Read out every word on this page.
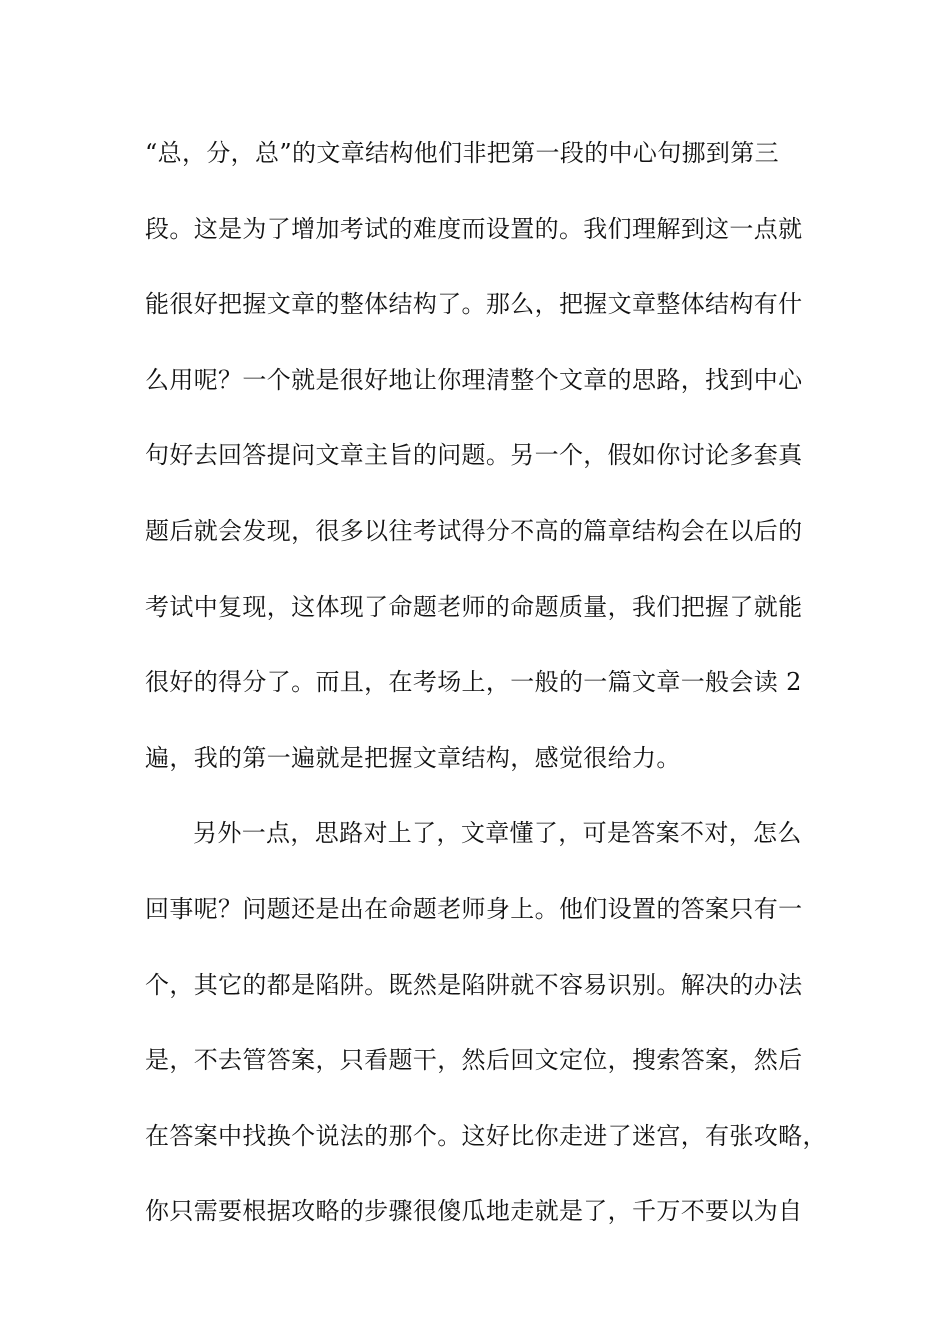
“总，分，总”的文章结构他们非把第一段的中心句挪到第三

段。这是为了增加考试的难度而设置的。我们理解到这一点就

能很好把握文章的整体结构了。那么，把握文章整体结构有什

么用呢？一个就是很好地让你理清整个文章的思路，找到中心

句好去回答提问文章主旨的问题。另一个，假如你讨论多套真

题后就会发现，很多以往考试得分不高的篇章结构会在以后的

考试中复现，这体现了命题老师的命题质量，我们把握了就能

很好的得分了。而且，在考场上，一般的一篇文章一般会读 2

遍，我的第一遍就是把握文章结构，感觉很给力。

另外一点，思路对上了，文章懂了，可是答案不对，怎么

回事呢？问题还是出在命题老师身上。他们设置的答案只有一

个，其它的都是陷阱。既然是陷阱就不容易识别。解决的办法

是，不去管答案，只看题干，然后回文定位，搜索答案，然后

在答案中找换个说法的那个。这好比你走进了迷宫，有张攻略，

你只需要根据攻略的步骤很傻瓜地走就是了，千万不要以为自
